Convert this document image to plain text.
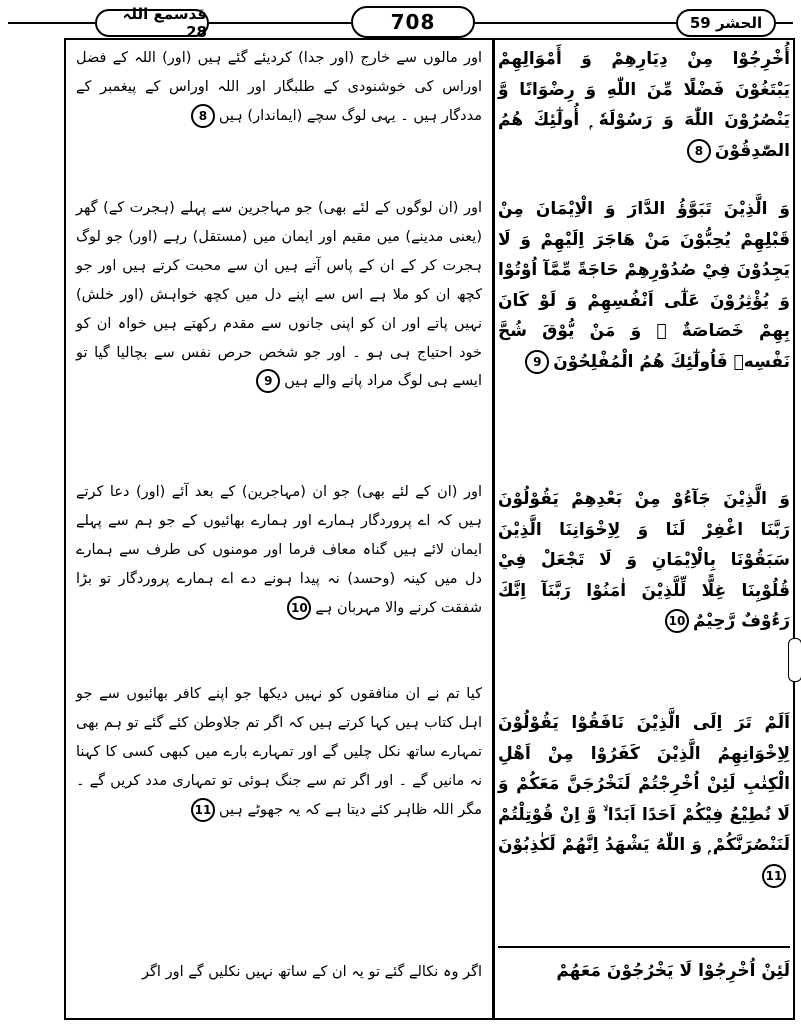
قدسمع اللہ 28	708	الحشر 59

اور مالوں سے خارج (اور جدا) کردیئے گئے ہیں (اور) اللہ کے فضل اوراس کی خوشنودی کے طلبگار اور اللہ اوراس کے پیغمبر کے مددگار ہیں ۔ یہی لوگ سچے (ایماندار) ہیں8

اور (ان لوگوں کے لئے بھی) جو مہاجرین سے پہلے (ہجرت کے) گھر (یعنی مدینے) میں مقیم اور ایمان میں (مستقل) رہے (اور) جو لوگ ہجرت کر کے ان کے پاس آتے ہیں ان سے محبت کرتے ہیں اور جو کچھ ان کو ملا ہے اس سے اپنے دل میں کچھ خواہش (اور خلش) نہیں پاتے اور ان کو اپنی جانوں سے مقدم رکھتے ہیں خواہ ان کو خود احتیاج ہی ہو ۔ اور جو شخص حرص نفس سے بچالیا گیا تو ایسے ہی لوگ مراد پانے والے ہیں9

اور (ان کے لئے بھی) جو ان (مہاجرین) کے بعد آئے (اور) دعا کرتے ہیں کہ اے پروردگار ہمارے اور ہمارے بھائیوں کے جو ہم سے پہلے ایمان لائے ہیں گناہ معاف فرما اور مومنوں کی طرف سے ہمارے دل میں کینہ (وحسد) نہ پیدا ہونے دے اے ہمارے پروردگار تو بڑا شفقت کرنے والا مہربان ہے10

کیا تم نے ان منافقوں کو نہیں دیکھا جو اپنے کافر بھائیوں سے جو اہل کتاب ہیں کہا کرتے ہیں کہ اگر تم جلاوطن کئے گئے تو ہم بھی تمہارے ساتھ نکل چلیں گے اور تمہارے بارے میں کبھی کسی کا کہنا نہ مانیں گے ۔ اور اگر تم سے جنگ ہوئی تو تمہاری مدد کریں گے ۔ مگر اللہ ظاہر کئے دیتا ہے کہ یہ جھوٹے ہیں11

اگر وہ نکالے گئے تو یہ ان کے ساتھ نہیں نکلیں گے اور اگر

أُخْرِجُوْا مِنْ دِيَارِهِمْ وَ أَمْوَالِهِمْ يَبْتَغُوْنَ فَضْلًا مِّنَ اللّٰهِ وَ رِضْوَانًا وَّ يَنْصُرُوْنَ اللّٰهَ وَ رَسُوْلَهٗ ۭ أُولٰٓئِكَ هُمُ الصّٰدِقُوْنَ8

وَ الَّذِيْنَ تَبَوَّؤُ الدَّارَ وَ الْاِيْمَانَ مِنْ قَبْلِهِمْ يُحِبُّوْنَ مَنْ هَاجَرَ اِلَيْهِمْ وَ لَا يَجِدُوْنَ فِيْ صُدُوْرِهِمْ حَاجَةً مِّمَّآ اُوْتُوْا وَ يُؤْثِرُوْنَ عَلٰٓى اَنْفُسِهِمْ وَ لَوْ كَانَ بِهِمْ خَصَاصَةٌ ۭ وَ مَنْ يُّوْقَ شُحَّ نَفْسِهٖ فَاُولٰٓئِكَ هُمُ الْمُفْلِحُوْنَ9

وَ الَّذِيْنَ جَآءُوْ مِنْ بَعْدِهِمْ يَقُوْلُوْنَ رَبَّنَا اغْفِرْ لَنَا وَ لِاِخْوَانِنَا الَّذِيْنَ سَبَقُوْنَا بِالْاِيْمَانِ وَ لَا تَجْعَلْ فِيْ قُلُوْبِنَا غِلًّا لِّلَّذِيْنَ اٰمَنُوْا رَبَّنَآ اِنَّكَ رَءُوْفٌ رَّحِيْمٌ10

اَلَمْ تَرَ اِلَى الَّذِيْنَ نَافَقُوْا يَقُوْلُوْنَ لِاِخْوَانِهِمُ الَّذِيْنَ كَفَرُوْا مِنْ اَهْلِ الْكِتٰبِ لَئِنْ اُخْرِجْتُمْ لَنَخْرُجَنَّ مَعَكُمْ وَ لَا نُطِيْعُ فِيْكُمْ اَحَدًا اَبَدًا ۙ وَّ اِنْ قُوْتِلْتُمْ لَنَنْصُرَنَّكُمْ ۭ وَ اللّٰهُ يَشْهَدُ اِنَّهُمْ لَكٰذِبُوْنَ11

لَئِنْ اُخْرِجُوْا لَا يَخْرُجُوْنَ مَعَهُمْ
